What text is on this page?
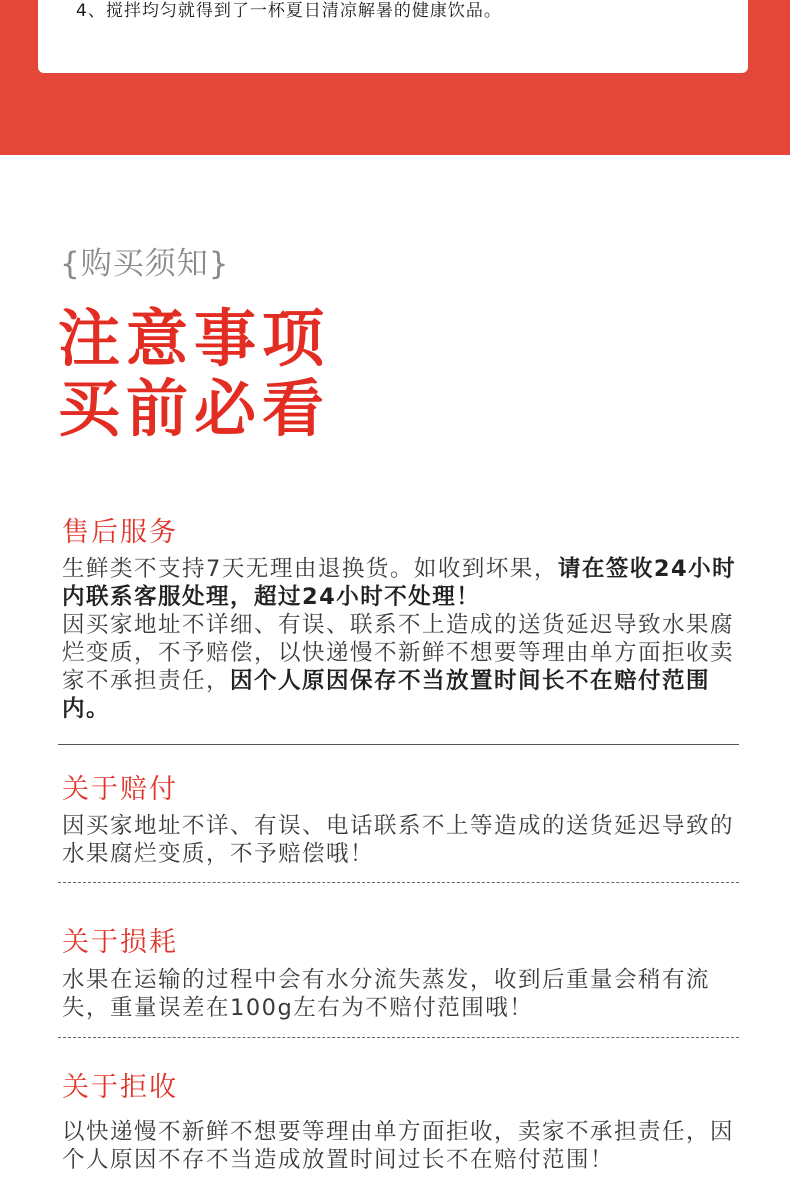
4、搅拌均匀就得到了一杯夏日清凉解暑的健康饮品。
{购买须知}
注意事项
买前必看
售后服务
生鲜类不支持7天无理由退换货。如收到坏果，请在签收24小时内联系客服处理，超过24小时不处理！
因买家地址不详细、有误、联系不上造成的送货延迟导致水果腐烂变质，不予赔偿，以快递慢不新鲜不想要等理由单方面拒收卖家不承担责任，因个人原因保存不当放置时间长不在赔付范围内。
关于赔付
因买家地址不详、有误、电话联系不上等造成的送货延迟导致的水果腐烂变质，不予赔偿哦！
关于损耗
水果在运输的过程中会有水分流失蒸发，收到后重量会稍有流失，重量误差在100g左右为不赔付范围哦！
关于拒收
以快递慢不新鲜不想要等理由单方面拒收，卖家不承担责任，因个人原因不存不当造成放置时间过长不在赔付范围！
